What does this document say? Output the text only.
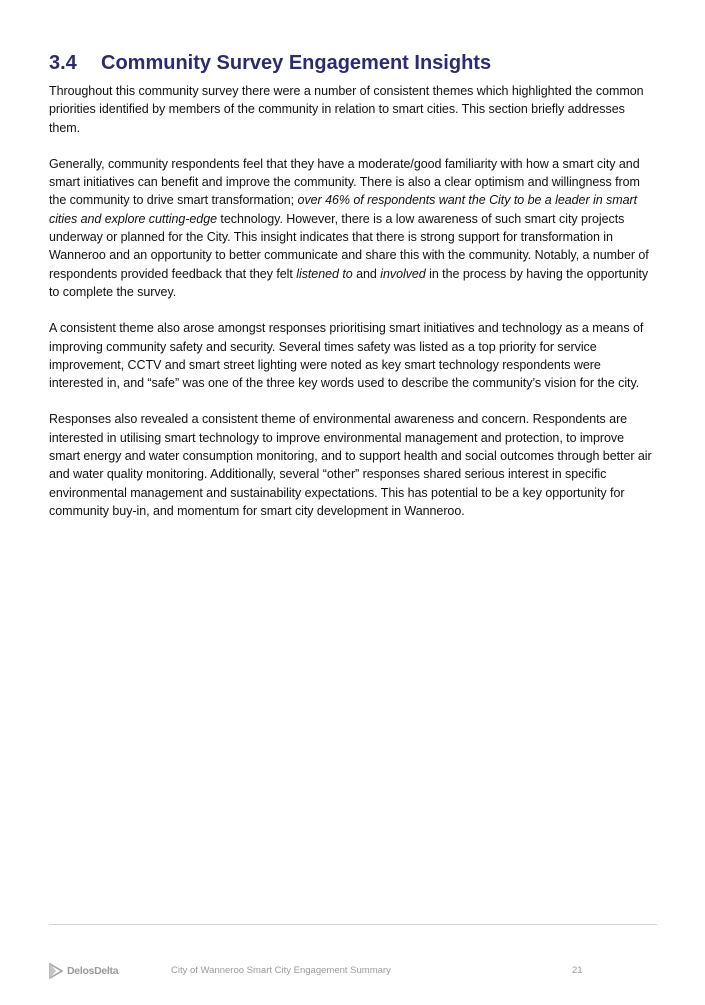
3.4 Community Survey Engagement Insights

Throughout this community survey there were a number of consistent themes which highlighted the common priorities identified by members of the community in relation to smart cities. This section briefly addresses them.

Generally, community respondents feel that they have a moderate/good familiarity with how a smart city and smart initiatives can benefit and improve the community. There is also a clear optimism and willingness from the community to drive smart transformation; over 46% of respondents want the City to be a leader in smart cities and explore cutting-edge technology. However, there is a low awareness of such smart city projects underway or planned for the City. This insight indicates that there is strong support for transformation in Wanneroo and an opportunity to better communicate and share this with the community. Notably, a number of respondents provided feedback that they felt listened to and involved in the process by having the opportunity to complete the survey.

A consistent theme also arose amongst responses prioritising smart initiatives and technology as a means of improving community safety and security. Several times safety was listed as a top priority for service improvement, CCTV and smart street lighting were noted as key smart technology respondents were interested in, and “safe” was one of the three key words used to describe the community’s vision for the city.

Responses also revealed a consistent theme of environmental awareness and concern. Respondents are interested in utilising smart technology to improve environmental management and protection, to improve smart energy and water consumption monitoring, and to support health and social outcomes through better air and water quality monitoring. Additionally, several “other” responses shared serious interest in specific environmental management and sustainability expectations. This has potential to be a key opportunity for community buy-in, and momentum for smart city development in Wanneroo.

DelosDelta	City of Wanneroo Smart City Engagement Summary	21
